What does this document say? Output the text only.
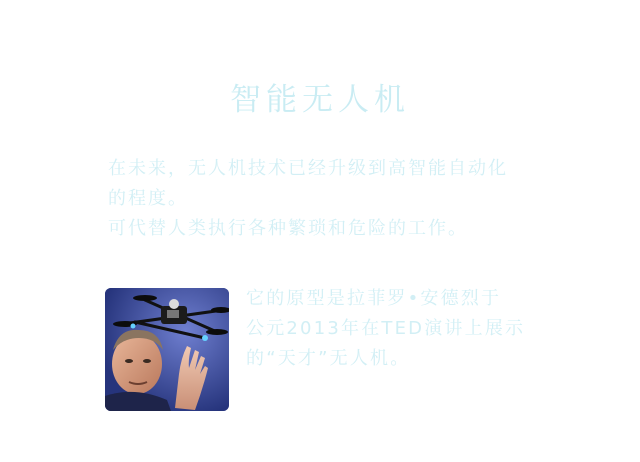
智能无人机

在未来，无人机技术已经升级到高智能自动化

的程度。

可代替人类执行各种繁琐和危险的工作。

它的原型是拉菲罗•安德烈于

公元2013年在TED演讲上展示

的“天才”无人机。
